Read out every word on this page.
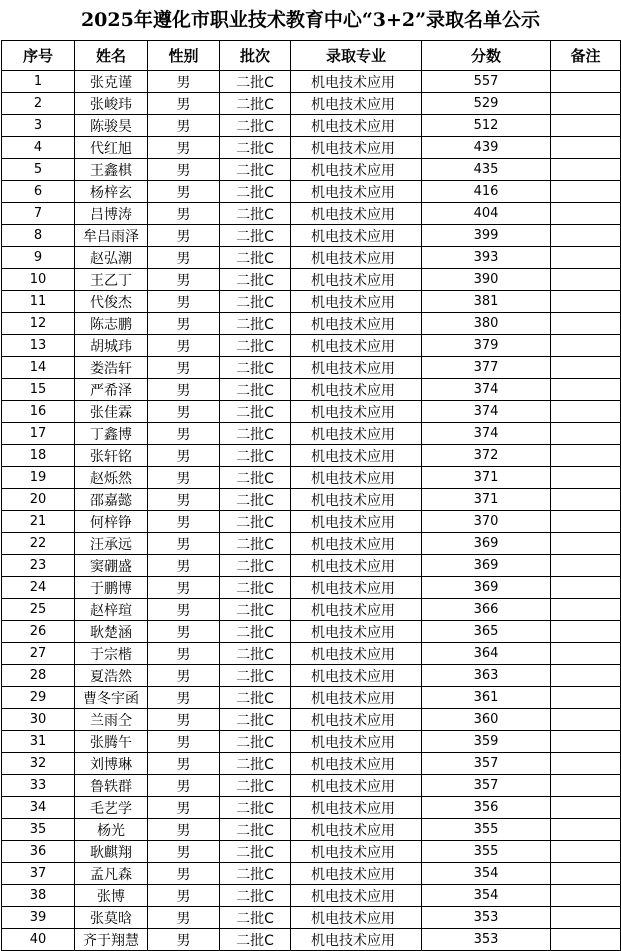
2025年遵化市职业技术教育中心“3+2”录取名单公示
序号	姓名	性别	批次	录取专业	分数	备注
1	张克谨	男	二批C	机电技术应用	557	
2	张峻玮	男	二批C	机电技术应用	529	
3	陈骏昊	男	二批C	机电技术应用	512	
4	代红旭	男	二批C	机电技术应用	439	
5	王鑫棋	男	二批C	机电技术应用	435	
6	杨梓玄	男	二批C	机电技术应用	416	
7	吕博涛	男	二批C	机电技术应用	404	
8	牟吕雨泽	男	二批C	机电技术应用	399	
9	赵弘潮	男	二批C	机电技术应用	393	
10	王乙丁	男	二批C	机电技术应用	390	
11	代俊杰	男	二批C	机电技术应用	381	
12	陈志鹏	男	二批C	机电技术应用	380	
13	胡城玮	男	二批C	机电技术应用	379	
14	娄浩轩	男	二批C	机电技术应用	377	
15	严希泽	男	二批C	机电技术应用	374	
16	张佳霖	男	二批C	机电技术应用	374	
17	丁鑫博	男	二批C	机电技术应用	374	
18	张轩铭	男	二批C	机电技术应用	372	
19	赵烁然	男	二批C	机电技术应用	371	
20	邵嘉懿	男	二批C	机电技术应用	371	
21	何梓铮	男	二批C	机电技术应用	370	
22	汪承远	男	二批C	机电技术应用	369	
23	窦硼盛	男	二批C	机电技术应用	369	
24	于鹏博	男	二批C	机电技术应用	369	
25	赵梓瑄	男	二批C	机电技术应用	366	
26	耿楚涵	男	二批C	机电技术应用	365	
27	于宗楷	男	二批C	机电技术应用	364	
28	夏浩然	男	二批C	机电技术应用	363	
29	曹冬宇函	男	二批C	机电技术应用	361	
30	兰雨仝	男	二批C	机电技术应用	360	
31	张腾午	男	二批C	机电技术应用	359	
32	刘博琳	男	二批C	机电技术应用	357	
33	鲁轶群	男	二批C	机电技术应用	357	
34	毛艺学	男	二批C	机电技术应用	356	
35	杨光	男	二批C	机电技术应用	355	
36	耿麒翔	男	二批C	机电技术应用	355	
37	孟凡森	男	二批C	机电技术应用	354	
38	张博	男	二批C	机电技术应用	354	
39	张莫晗	男	二批C	机电技术应用	353	
40	齐于翔慧	男	二批C	机电技术应用	353	
